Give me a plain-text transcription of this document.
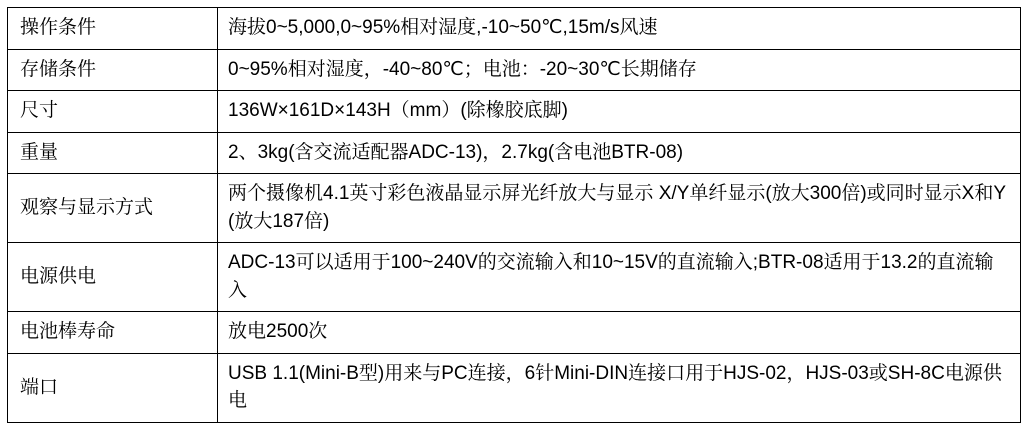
操作条件	海拔0~5,000,0~95%相对湿度,-10~50℃,15m/s风速
存储条件	0~95%相对湿度，-40~80℃；电池：-20~30℃长期储存
尺寸	136W×161D×143H（mm）(除橡胶底脚)
重量	2、3kg(含交流适配器ADC-13)，2.7kg(含电池BTR-08)
观察与显示方式	两个摄像机4.1英寸彩色液晶显示屏光纤放大与显示 X/Y单纤显示(放大300倍)或同时显示X和Y(放大187倍)
电源供电	ADC-13可以适用于100~240V的交流输入和10~15V的直流输入;BTR-08适用于13.2的直流输入
电池棒寿命	放电2500次
端口	USB 1.1(Mini-B型)用来与PC连接，6针Mini-DIN连接口用于HJS-02，HJS-03或SH-8C电源供电
